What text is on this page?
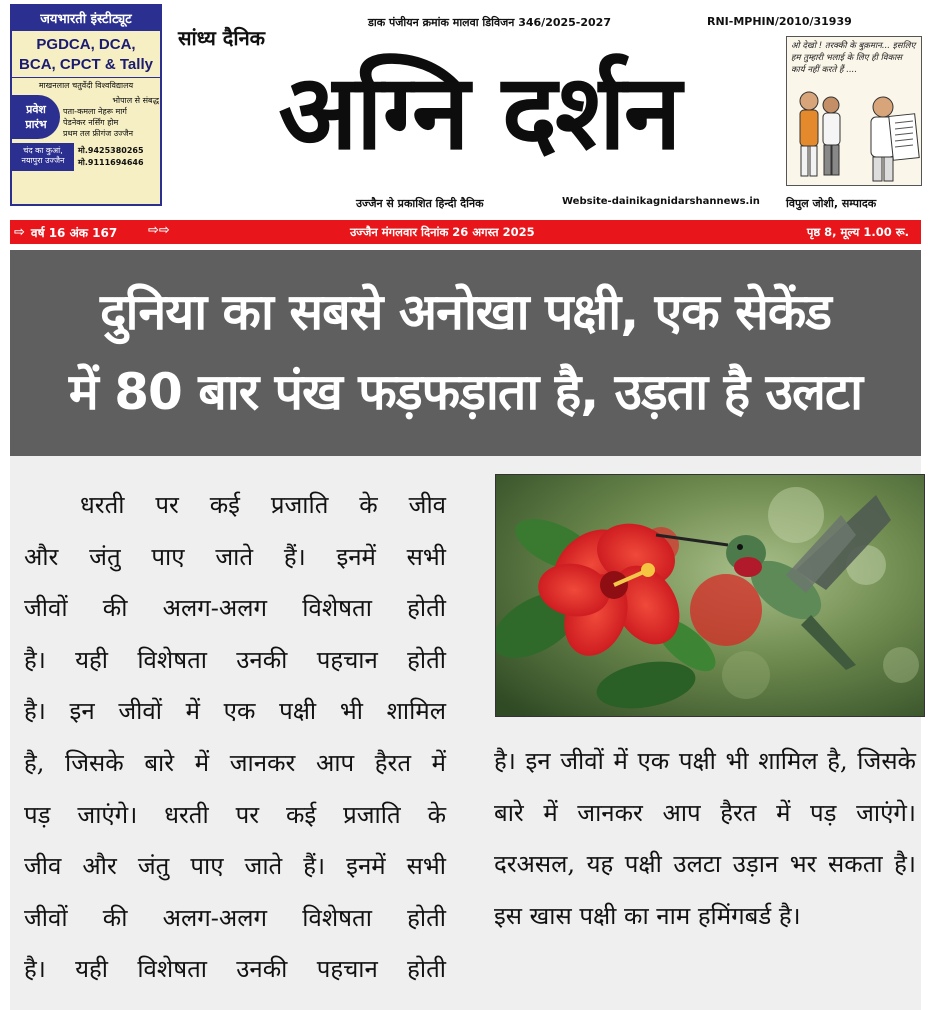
जयभारती इंस्टीट्यूट
PGDCA, DCA,
BCA, CPCT & Tally
माखनलाल चतुर्वेदी विश्वविद्यालय
प्रवेश
प्रारंभ
भोपाल से संबद्ध
पता-कमला नेहरू मार्ग
पेडनेकर नर्सिंग होम
प्रथम तल फ्रीगंज उज्जैन
चंद का कुआं, नयापुरा उज्जैन
मो.9425380265
मो.9111694646
सांध्य दैनिक
डाक पंजीयन क्रमांक मालवा डिविजन 346/2025-2027	RNI-MPHIN/2010/31939
अग्नि दर्शन
उज्जैन से प्रकाशित हिन्दी दैनिक	Website-dainikagnidarshannews.in विपुल जोशी, सम्पादक
ओ देखो ! तरक्की के बुक़मान... इसलिए हम तुम्हारी भलाई के लिए ही विकास कार्य नहीं करते हैं ....
⇨ वर्ष 16 अंक 167 ⇨⇨	उज्जैन मंगलवार दिनांक 26 अगस्त 2025	पृष्ठ 8, मूल्य 1.00 रू.
दुनिया का सबसे अनोखा पक्षी, एक सेकेंड
में 80 बार पंख फड़फड़ाता है, उड़ता है उलटा

धरती पर कई प्रजाति के जीव

और जंतु पाए जाते हैं। इनमें सभी

जीवों की अलग-अलग विशेषता होती

है। यही विशेषता उनकी पहचान होती

है। इन जीवों में एक पक्षी भी शामिल

है, जिसके बारे में जानकर आप हैरत में

पड़ जाएंगे। धरती पर कई प्रजाति के

जीव और जंतु पाए जाते हैं। इनमें सभी

जीवों की अलग-अलग विशेषता होती

है। यही विशेषता उनकी पहचान होती

है। इन जीवों में एक पक्षी भी शामिल है, जिसके बारे में जानकर आप हैरत में पड़ जाएंगे। दरअसल, यह पक्षी उलटा उड़ान भर सकता है। इस खास पक्षी का नाम हमिंगबर्ड है।
